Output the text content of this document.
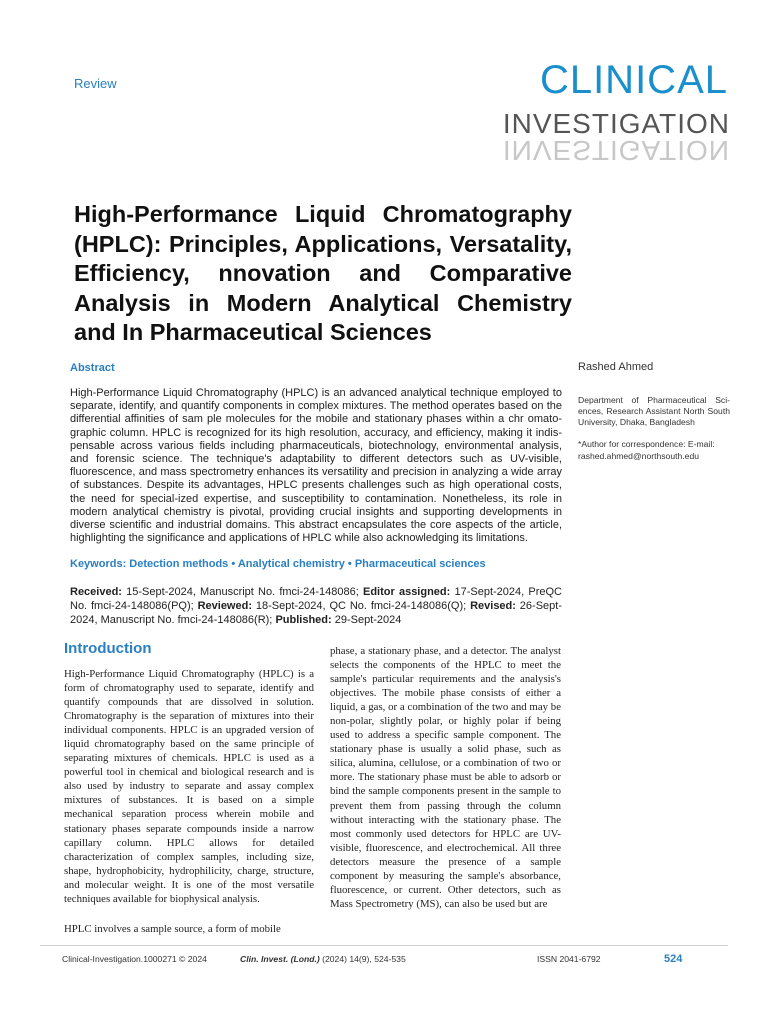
Review	CLINICAL
INVESTIGATION
INVESTIGATION
High-Performance Liquid Chromatography (HPLC): Principles, Applications, Versatality, Efficiency, nnovation and Comparative Analysis in Modern Analytical Chemistry and In Pharmaceutical Sciences
Abstract

High-Performance Liquid Chromatography (HPLC) is an advanced analytical technique employed to separate, identify, and quantify components in complex mixtures. The method operates based on the differential affinities of sam ple molecules for the mobile and stationary phases within a chr omato-graphic column. HPLC is recognized for its high resolution, accuracy, and efficiency, making it indis-pensable across various fields including pharmaceuticals, biotechnology, environmental analysis, and forensic science. The technique's adaptability to different detectors such as UV-visible, fluorescence, and mass spectrometry enhances its versatility and precision in analyzing a wide array of substances. Despite its advantages, HPLC presents challenges such as high operational costs, the need for special-ized expertise, and susceptibility to contamination. Nonetheless, its role in modern analytical chemistry is pivotal, providing crucial insights and supporting developments in diverse scientific and industrial domains. This abstract encapsulates the core aspects of the article, highlighting the significance and applications of HPLC while also acknowledging its limitations.

Rashed Ahmed
Department of Pharmaceutical Sci-ences, Research Assistant North South University, Dhaka, Bangladesh
*Author for correspondence: E-mail:
rashed.ahmed@northsouth.edu
Keywords: Detection methods • Analytical chemistry • Pharmaceutical sciences

Received: 15-Sept-2024, Manuscript No. fmci-24-148086; Editor assigned: 17-Sept-2024, PreQC No. fmci-24-148086(PQ); Reviewed: 18-Sept-2024, QC No. fmci-24-148086(Q); Revised: 26-Sept-2024, Manuscript No. fmci-24-148086(R); Published: 29-Sept-2024

Introduction

High-Performance Liquid Chromatography (HPLC) is a form of chromatography used to separate, identify and quantify compounds that are dissolved in solution. Chromatography is the separation of mixtures into their individual components. HPLC is an upgraded version of liquid chromatography based on the same principle of separating mixtures of chemicals. HPLC is used as a powerful tool in chemical and biological research and is also used by industry to separate and assay complex mixtures of substances. It is based on a simple mechanical separation process wherein mobile and stationary phases separate compounds inside a narrow capillary column. HPLC allows for detailed characterization of complex samples, including size, shape, hydrophobicity, hydrophilicity, charge, structure, and molecular weight. It is one of the most versatile techniques available for biophysical analysis.

HPLC involves a sample source, a form of mobile

phase, a stationary phase, and a detector. The analyst selects the components of the HPLC to meet the sample's particular requirements and the analysis's objectives. The mobile phase consists of either a liquid, a gas, or a combination of the two and may be non-polar, slightly polar, or highly polar if being used to address a specific sample component. The stationary phase is usually a solid phase, such as silica, alumina, cellulose, or a combination of two or more. The stationary phase must be able to adsorb or bind the sample components present in the sample to prevent them from passing through the column without interacting with the stationary phase. The most commonly used detectors for HPLC are UV-visible, fluorescence, and electrochemical. All three detectors measure the presence of a sample component by measuring the sample's absorbance, fluorescence, or current. Other detectors, such as Mass Spectrometry (MS), can also be used but are

Clinical-Investigation.1000271 © 2024	Clin. Invest. (Lond.) (2024) 14(9), 524-535	ISSN 2041-6792	524
